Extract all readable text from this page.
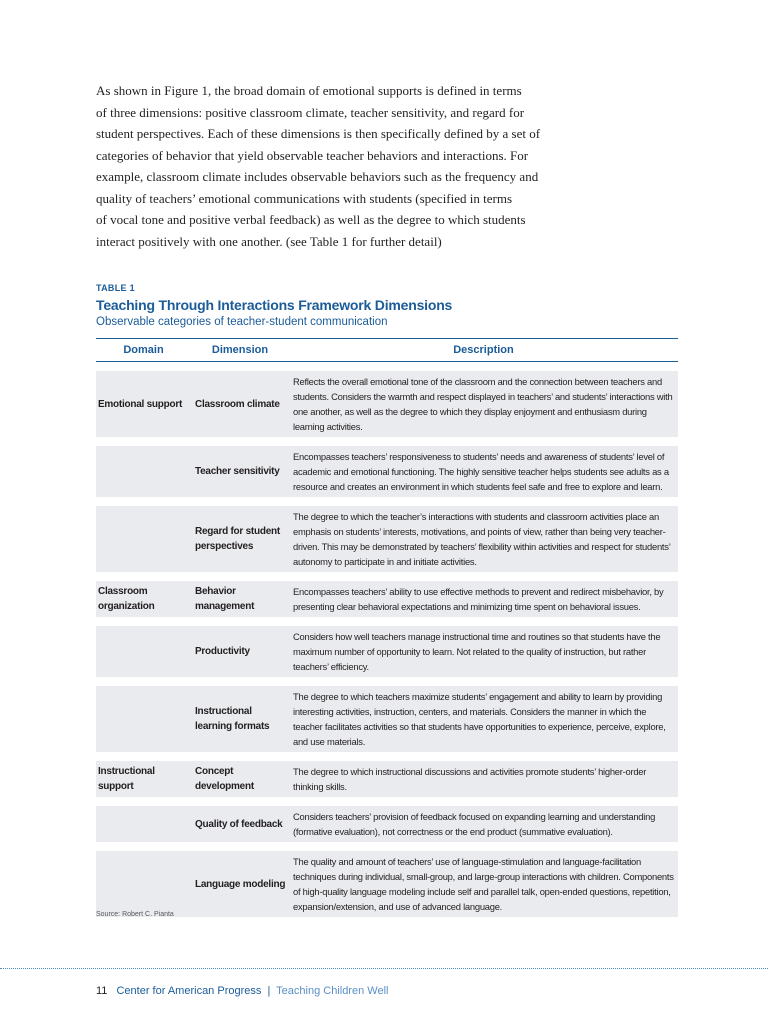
As shown in Figure 1, the broad domain of emotional supports is defined in terms

of three dimensions: positive classroom climate, teacher sensitivity, and regard for

student perspectives. Each of these dimensions is then specifically defined by a set of

categories of behavior that yield observable teacher behaviors and interactions. For

example, classroom climate includes observable behaviors such as the frequency and

quality of teachers’ emotional communications with students (specified in terms

of vocal tone and positive verbal feedback) as well as the degree to which students

interact positively with one another. (see Table 1 for further detail)

TABLE 1
Teaching Through Interactions Framework Dimensions
Observable categories of teacher-student communication
Domain	Dimension	Description
Emotional support	Classroom climate	Reflects the overall emotional tone of the classroom and the connection between teachers and students. Considers the warmth and respect displayed in teachers’ and students’ interactions with one another, as well as the degree to which they display enjoyment and enthusiasm during learning activities.
	Teacher sensitivity	Encompasses teachers’ responsiveness to students’ needs and awareness of students’ level of academic and emotional functioning. The highly sensitive teacher helps students see adults as a resource and creates an environment in which students feel safe and free to explore and learn.
	Regard for student perspectives	The degree to which the teacher’s interactions with students and classroom activities place an emphasis on students’ interests, motivations, and points of view, rather than being very teacher-driven. This may be demonstrated by teachers’ flexibility within activities and respect for students’ autonomy to participate in and initiate activities.
Classroom organization	Behavior management	Encompasses teachers’ ability to use effective methods to prevent and redirect misbehavior, by presenting clear behavioral expectations and minimizing time spent on behavioral issues.
	Productivity	Considers how well teachers manage instructional time and routines so that students have the maximum number of opportunity to learn. Not related to the quality of instruction, but rather teachers’ efficiency.
	Instructional learning formats	The degree to which teachers maximize students’ engagement and ability to learn by providing interesting activities, instruction, centers, and materials. Considers the manner in which the teacher facilitates activities so that students have opportunities to experience, perceive, explore, and use materials.
Instructional support	Concept development	The degree to which instructional discussions and activities promote students’ higher-order thinking skills.
	Quality of feedback	Considers teachers’ provision of feedback focused on expanding learning and understanding (formative evaluation), not correctness or the end product (summative evaluation).
	Language modeling	The quality and amount of teachers’ use of language-stimulation and language-facilitation techniques during individual, small-group, and large-group interactions with children. Components of high-quality language modeling include self and parallel talk, open-ended questions, repetition, expansion/extension, and use of advanced language.
Source: Robert C. Pianta
11 Center for American Progress | Teaching Children Well
